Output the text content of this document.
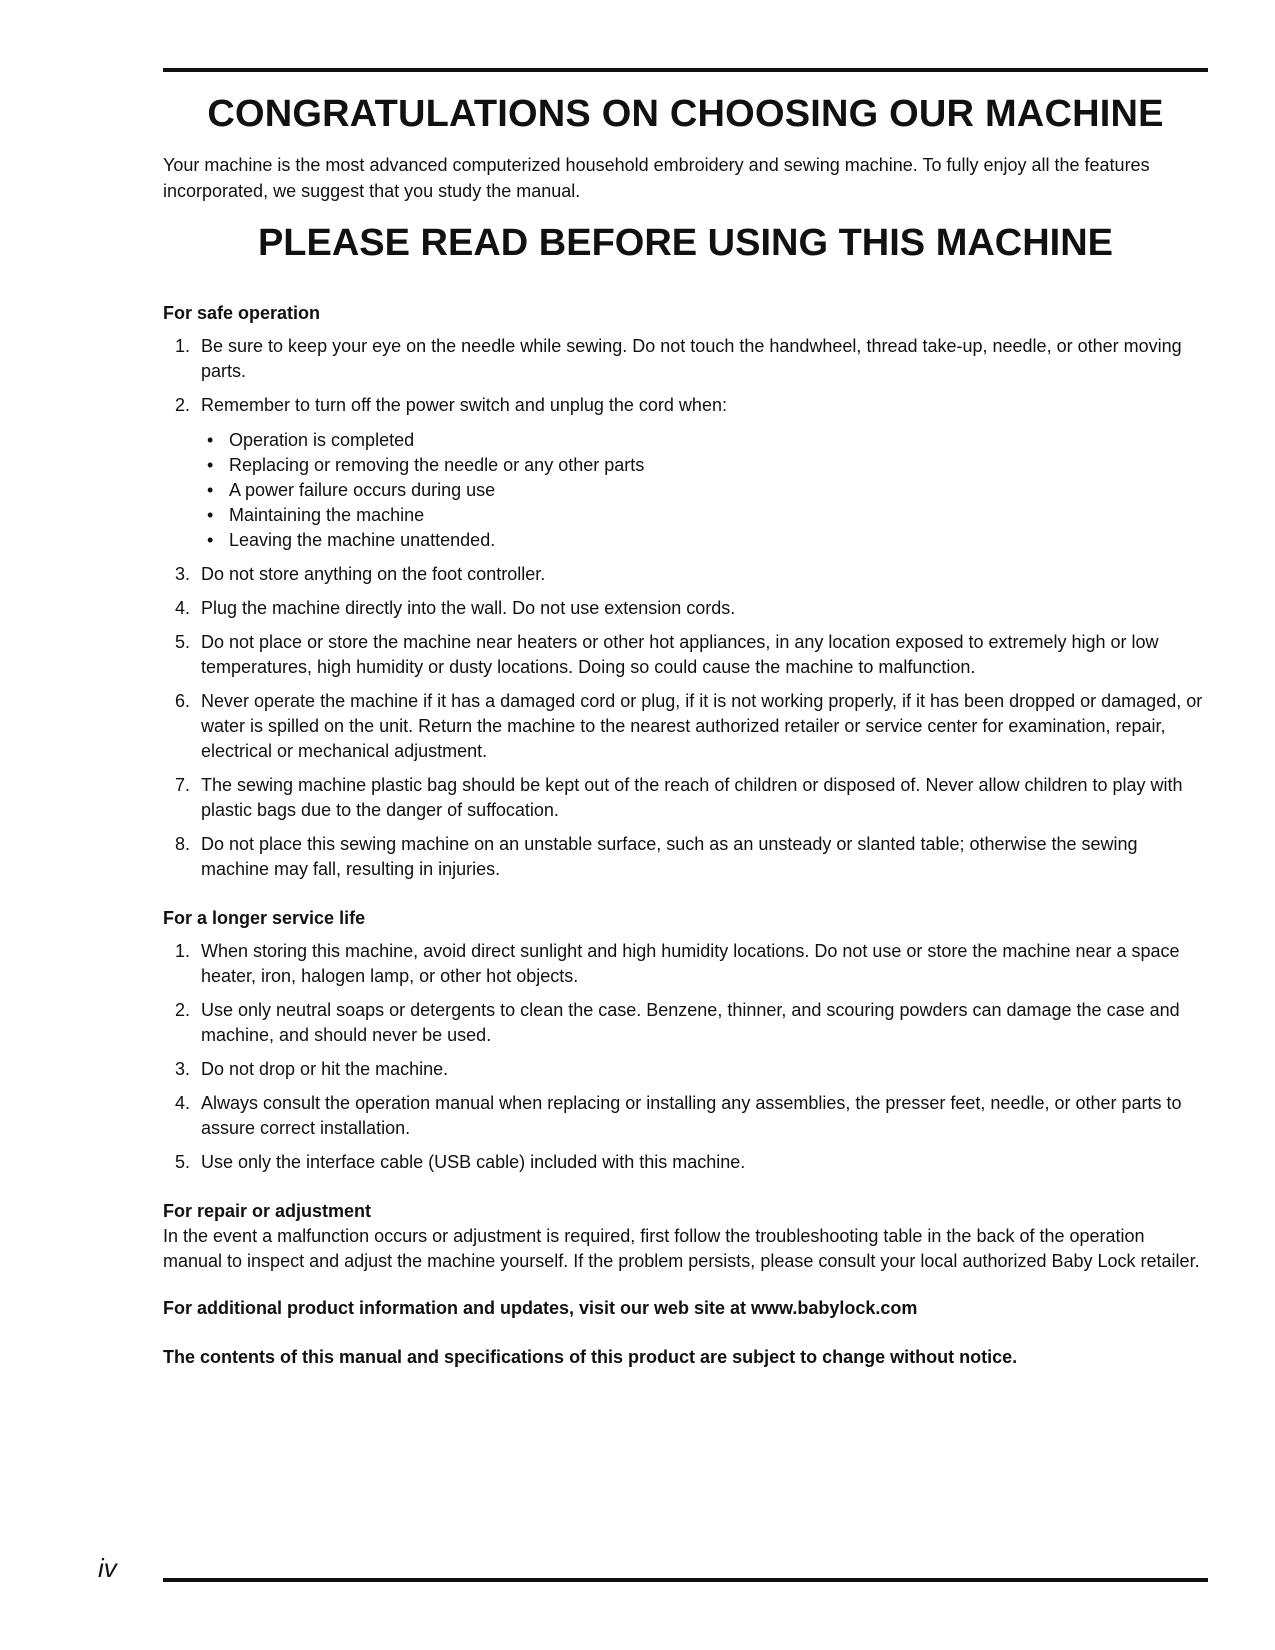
CONGRATULATIONS ON CHOOSING OUR MACHINE

Your machine is the most advanced computerized household embroidery and sewing machine. To fully enjoy all the features incorporated, we suggest that you study the manual.

PLEASE READ BEFORE USING THIS MACHINE
For safe operation
1. Be sure to keep your eye on the needle while sewing. Do not touch the handwheel, thread take-up, needle, or other moving parts.
2. Remember to turn off the power switch and unplug the cord when:
• Operation is completed
• Replacing or removing the needle or any other parts
• A power failure occurs during use
• Maintaining the machine
• Leaving the machine unattended.
3. Do not store anything on the foot controller.
4. Plug the machine directly into the wall. Do not use extension cords.
5. Do not place or store the machine near heaters or other hot appliances, in any location exposed to extremely high or low temperatures, high humidity or dusty locations. Doing so could cause the machine to malfunction.
6. Never operate the machine if it has a damaged cord or plug, if it is not working properly, if it has been dropped or damaged, or water is spilled on the unit. Return the machine to the nearest authorized retailer or service center for examination, repair, electrical or mechanical adjustment.
7. The sewing machine plastic bag should be kept out of the reach of children or disposed of. Never allow children to play with plastic bags due to the danger of suffocation.
8. Do not place this sewing machine on an unstable surface, such as an unsteady or slanted table; otherwise the sewing machine may fall, resulting in injuries.
For a longer service life
1. When storing this machine, avoid direct sunlight and high humidity locations. Do not use or store the machine near a space heater, iron, halogen lamp, or other hot objects.
2. Use only neutral soaps or detergents to clean the case. Benzene, thinner, and scouring powders can damage the case and machine, and should never be used.
3. Do not drop or hit the machine.
4. Always consult the operation manual when replacing or installing any assemblies, the presser feet, needle, or other parts to assure correct installation.
5. Use only the interface cable (USB cable) included with this machine.
For repair or adjustment

In the event a malfunction occurs or adjustment is required, first follow the troubleshooting table in the back of the operation manual to inspect and adjust the machine yourself. If the problem persists, please consult your local authorized Baby Lock retailer.

For additional product information and updates, visit our web site at www.babylock.com

The contents of this manual and specifications of this product are subject to change without notice.

iv
